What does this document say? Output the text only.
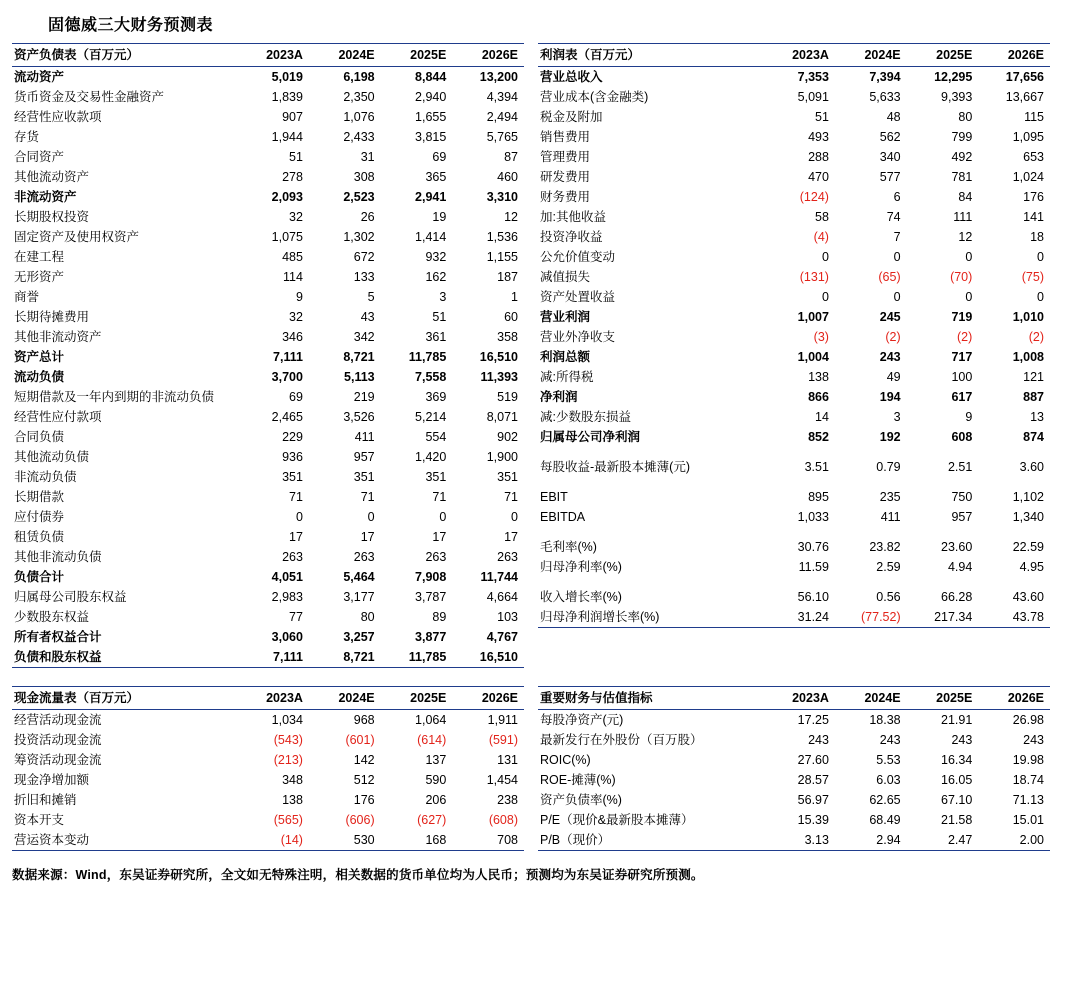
固德威三大财务预测表
资产负债表（百万元）	2023A	2024E	2025E	2026E
流动资产	5,019	6,198	8,844	13,200
货币资金及交易性金融资产	1,839	2,350	2,940	4,394
经营性应收款项	907	1,076	1,655	2,494
存货	1,944	2,433	3,815	5,765
合同资产	51	31	69	87
其他流动资产	278	308	365	460
非流动资产	2,093	2,523	2,941	3,310
长期股权投资	32	26	19	12
固定资产及使用权资产	1,075	1,302	1,414	1,536
在建工程	485	672	932	1,155
无形资产	114	133	162	187
商誉	9	5	3	1
长期待摊费用	32	43	51	60
其他非流动资产	346	342	361	358
资产总计	7,111	8,721	11,785	16,510
流动负债	3,700	5,113	7,558	11,393
短期借款及一年内到期的非流动负债	69	219	369	519
经营性应付款项	2,465	3,526	5,214	8,071
合同负债	229	411	554	902
其他流动负债	936	957	1,420	1,900
非流动负债	351	351	351	351
长期借款	71	71	71	71
应付债券	0	0	0	0
租赁负债	17	17	17	17
其他非流动负债	263	263	263	263
负债合计	4,051	5,464	7,908	11,744
归属母公司股东权益	2,983	3,177	3,787	4,664
少数股东权益	77	80	89	103
所有者权益合计	3,060	3,257	3,877	4,767
负债和股东权益	7,111	8,721	11,785	16,510
利润表（百万元）	2023A	2024E	2025E	2026E
营业总收入	7,353	7,394	12,295	17,656
营业成本(含金融类)	5,091	5,633	9,393	13,667
税金及附加	51	48	80	115
销售费用	493	562	799	1,095
管理费用	288	340	492	653
研发费用	470	577	781	1,024
财务费用	(124)	6	84	176
加:其他收益	58	74	111	141
投资净收益	(4)	7	12	18
公允价值变动	0	0	0	0
减值损失	(131)	(65)	(70)	(75)
资产处置收益	0	0	0	0
营业利润	1,007	245	719	1,010
营业外净收支	(3)	(2)	(2)	(2)
利润总额	1,004	243	717	1,008
减:所得税	138	49	100	121
净利润	866	194	617	887
减:少数股东损益	14	3	9	13
归属母公司净利润	852	192	608	874

每股收益-最新股本摊薄(元)	3.51	0.79	2.51	3.60

EBIT	895	235	750	1,102
EBITDA	1,033	411	957	1,340

毛利率(%)	30.76	23.82	23.60	22.59
归母净利率(%)	11.59	2.59	4.94	4.95

收入增长率(%)	56.10	0.56	66.28	43.60
归母净利润增长率(%)	31.24	(77.52)	217.34	43.78
现金流量表（百万元）	2023A	2024E	2025E	2026E
经营活动现金流	1,034	968	1,064	1,911
投资活动现金流	(543)	(601)	(614)	(591)
筹资活动现金流	(213)	142	137	131
现金净增加额	348	512	590	1,454
折旧和摊销	138	176	206	238
资本开支	(565)	(606)	(627)	(608)
营运资本变动	(14)	530	168	708
重要财务与估值指标	2023A	2024E	2025E	2026E
每股净资产(元)	17.25	18.38	21.91	26.98
最新发行在外股份（百万股）	243	243	243	243
ROIC(%)	27.60	5.53	16.34	19.98
ROE-摊薄(%)	28.57	6.03	16.05	18.74
资产负债率(%)	56.97	62.65	67.10	71.13
P/E（现价&最新股本摊薄）	15.39	68.49	21.58	15.01
P/B（现价）	3.13	2.94	2.47	2.00
数据来源：Wind，东吴证券研究所，全文如无特殊注明，相关数据的货币单位均为人民币；预测均为东吴证券研究所预测。
